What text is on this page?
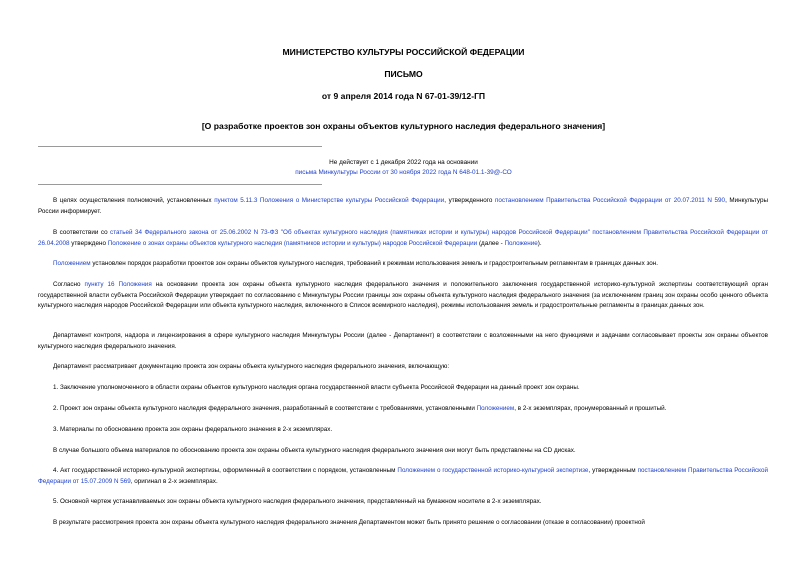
МИНИСТЕРСТВО КУЛЬТУРЫ РОССИЙСКОЙ ФЕДЕРАЦИИ
ПИСЬМО
от 9 апреля 2014 года N 67-01-39/12-ГП
[О разработке проектов зон охраны объектов культурного наследия федерального значения]
Не действует с 1 декабря 2022 года на основании
письма Минкультуры России от 30 ноября 2022 года N 648-01.1-39@-СО

В целях осуществления полномочий, установленных пунктом 5.11.3 Положения о Министерстве культуры Российской Федерации, утвержденного постановлением Правительства Российской Федерации от 20.07.2011 N 590, Минкультуры России информирует.

В соответствии со статьей 34 Федерального закона от 25.06.2002 N 73-ФЗ "Об объектах культурного наследия (памятниках истории и культуры) народов Российской Федерации" постановлением Правительства Российской Федерации от 26.04.2008 утверждено Положение о зонах охраны объектов культурного наследия (памятников истории и культуры) народов Российской Федерации (далее - Положение).

Положением установлен порядок разработки проектов зон охраны объектов культурного наследия, требований к режимам использования земель и градостроительным регламентам в границах данных зон.

Согласно пункту 16 Положения на основании проекта зон охраны объекта культурного наследия федерального значения и положительного заключения государственной историко-культурной экспертизы соответствующий орган государственной власти субъекта Российской Федерации утверждает по согласованию с Минкультуры России границы зон охраны объекта культурного наследия федерального значения (за исключением границ зон охраны особо ценного объекта культурного наследия народов Российской Федерации или объекта культурного наследия, включенного в Список всемирного наследия), режимы использования земель и градостроительные регламенты в границах данных зон.

Департамент контроля, надзора и лицензирования в сфере культурного наследия Минкультуры России (далее - Департамент) в соответствии с возложенными на него функциями и задачами согласовывает проекты зон охраны объектов культурного наследия федерального значения.

Департамент рассматривает документацию проекта зон охраны объекта культурного наследия федерального значения, включающую:

1. Заключение уполномоченного в области охраны объектов культурного наследия органа государственной власти субъекта Российской Федерации на данный проект зон охраны.

2. Проект зон охраны объекта культурного наследия федерального значения, разработанный в соответствии с требованиями, установленными Положением, в 2-х экземплярах, пронумерованный и прошитый.

3. Материалы по обоснованию проекта зон охраны федерального значения в 2-х экземплярах.

В случае большого объема материалов по обоснованию проекта зон охраны объекта культурного наследия федерального значения они могут быть представлены на CD дисках.

4. Акт государственной историко-культурной экспертизы, оформленный в соответствии с порядком, установленным Положением о государственной историко-культурной экспертизе, утвержденным постановлением Правительства Российской Федерации от 15.07.2009 N 569, оригинал в 2-х экземплярах.

5. Основной чертеж устанавливаемых зон охраны объекта культурного наследия федерального значения, представленный на бумажном носителе в 2-х экземплярах.

В результате рассмотрения проекта зон охраны объекта культурного наследия федерального значения Департаментом может быть принято решение о согласовании (отказе в согласовании) проектной
